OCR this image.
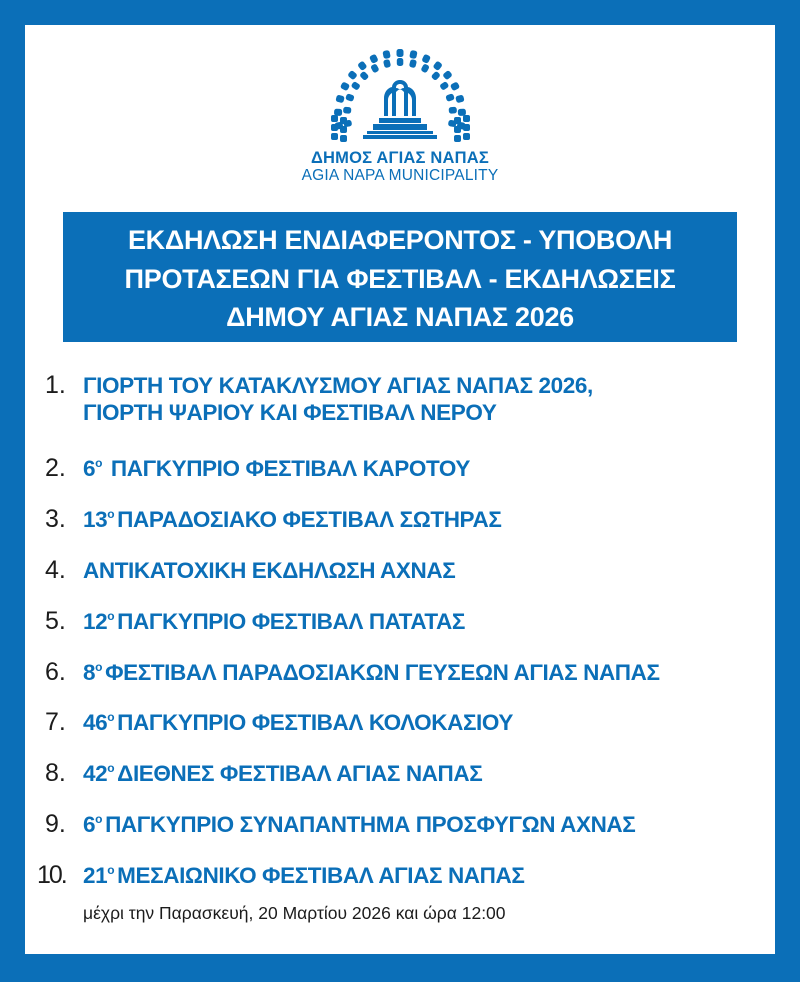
ΔΗΜΟΣ ΑΓΙΑΣ ΝΑΠΑΣ
AGIA NAPA MUNICIPALITY
ΕΚΔΗΛΩΣΗ ΕΝΔΙΑΦΕΡΟΝΤΟΣ - ΥΠΟΒΟΛΗ
ΠΡΟΤΑΣΕΩΝ ΓΙΑ ΦΕΣΤΙΒΑΛ - ΕΚΔΗΛΩΣΕΙΣ
ΔΗΜΟΥ ΑΓΙΑΣ ΝΑΠΑΣ 2026
1. ΓΙΟΡΤΗ ΤΟΥ ΚΑΤΑΚΛΥΣΜΟΥ ΑΓΙΑΣ ΝΑΠΑΣ 2026,
ΓΙΟΡΤΗ ΨΑΡΙΟΥ ΚΑΙ ΦΕΣΤΙΒΑΛ ΝΕΡΟΥ
2. $6^o$ ΠΑΓΚΥΠΡΙΟ ΦΕΣΤΙΒΑΛ ΚΑΡΟΤΟΥ
3. $13^o$ ΠΑΡΑΔΟΣΙΑΚΟ ΦΕΣΤΙΒΑΛ ΣΩΤΗΡΑΣ
4. ΑΝΤΙΚΑΤΟΧΙΚΗ ΕΚΔΗΛΩΣΗ ΑΧΝΑΣ
5. $12^o$ ΠΑΓΚΥΠΡΙΟ ΦΕΣΤΙΒΑΛ ΠΑΤΑΤΑΣ
6. $8^o$ ΦΕΣΤΙΒΑΛ ΠΑΡΑΔΟΣΙΑΚΩΝ ΓΕΥΣΕΩΝ ΑΓΙΑΣ ΝΑΠΑΣ
7. $46^o$ ΠΑΓΚΥΠΡΙΟ ΦΕΣΤΙΒΑΛ ΚΟΛΟΚΑΣΙΟΥ
8. $42^o$ ΔΙΕΘΝΕΣ ΦΕΣΤΙΒΑΛ ΑΓΙΑΣ ΝΑΠΑΣ
9. $6^o$ ΠΑΓΚΥΠΡΙΟ ΣΥΝΑΠΑΝΤΗΜΑ ΠΡΟΣΦΥΓΩΝ ΑΧΝΑΣ
10. $21^o$ ΜΕΣΑΙΩΝΙΚΟ ΦΕΣΤΙΒΑΛ ΑΓΙΑΣ ΝΑΠΑΣ
μέχρι την Παρασκευή, 20 Μαρτίου 2026 και ώρα 12:00
